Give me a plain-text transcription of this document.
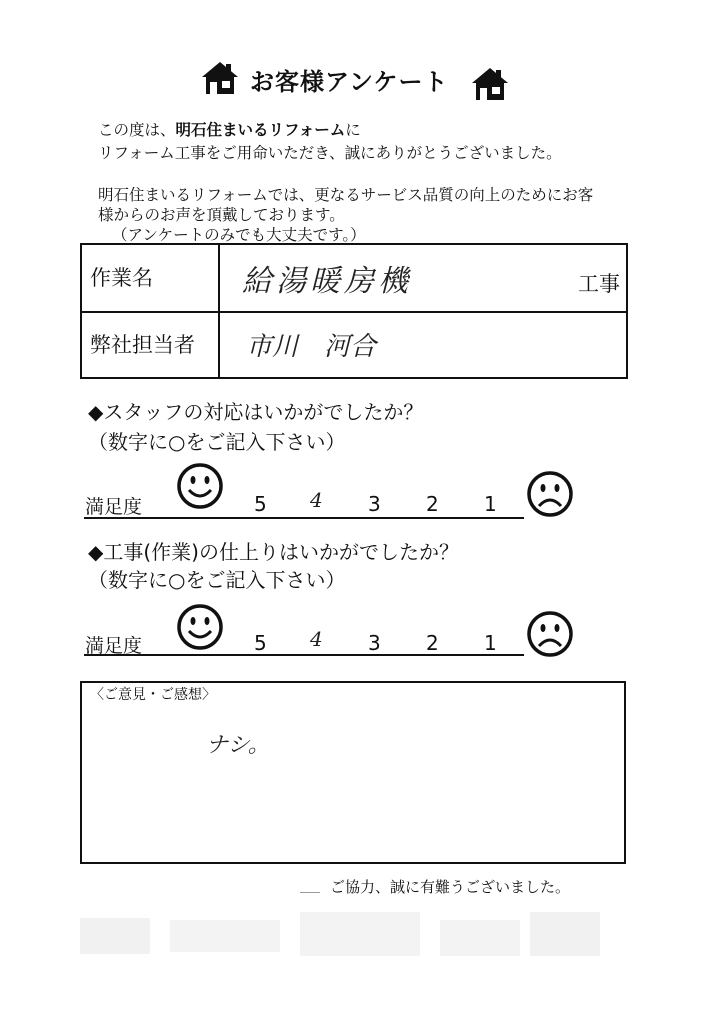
お客様アンケート
この度は、明石住まいるリフォームに
リフォーム工事をご用命いただき、誠にありがとうございました。
明石住まいるリフォームでは、更なるサービス品質の向上のためにお客
様からのお声を頂戴しております。
（アンケートのみでも大丈夫です。）
作業名	給湯暖房機	工事
弊社担当者 市川　河合
◆スタッフの対応はいかがでしたか？
（数字に○をご記入下さい）
満足度	5 4 3 2 1
◆工事(作業)の仕上りはいかがでしたか？
（数字に○をご記入下さい）
満足度	5 4 3 2 1
〈ご意見・ご感想〉
ナシ。
ご協力、誠に有難うございました。
